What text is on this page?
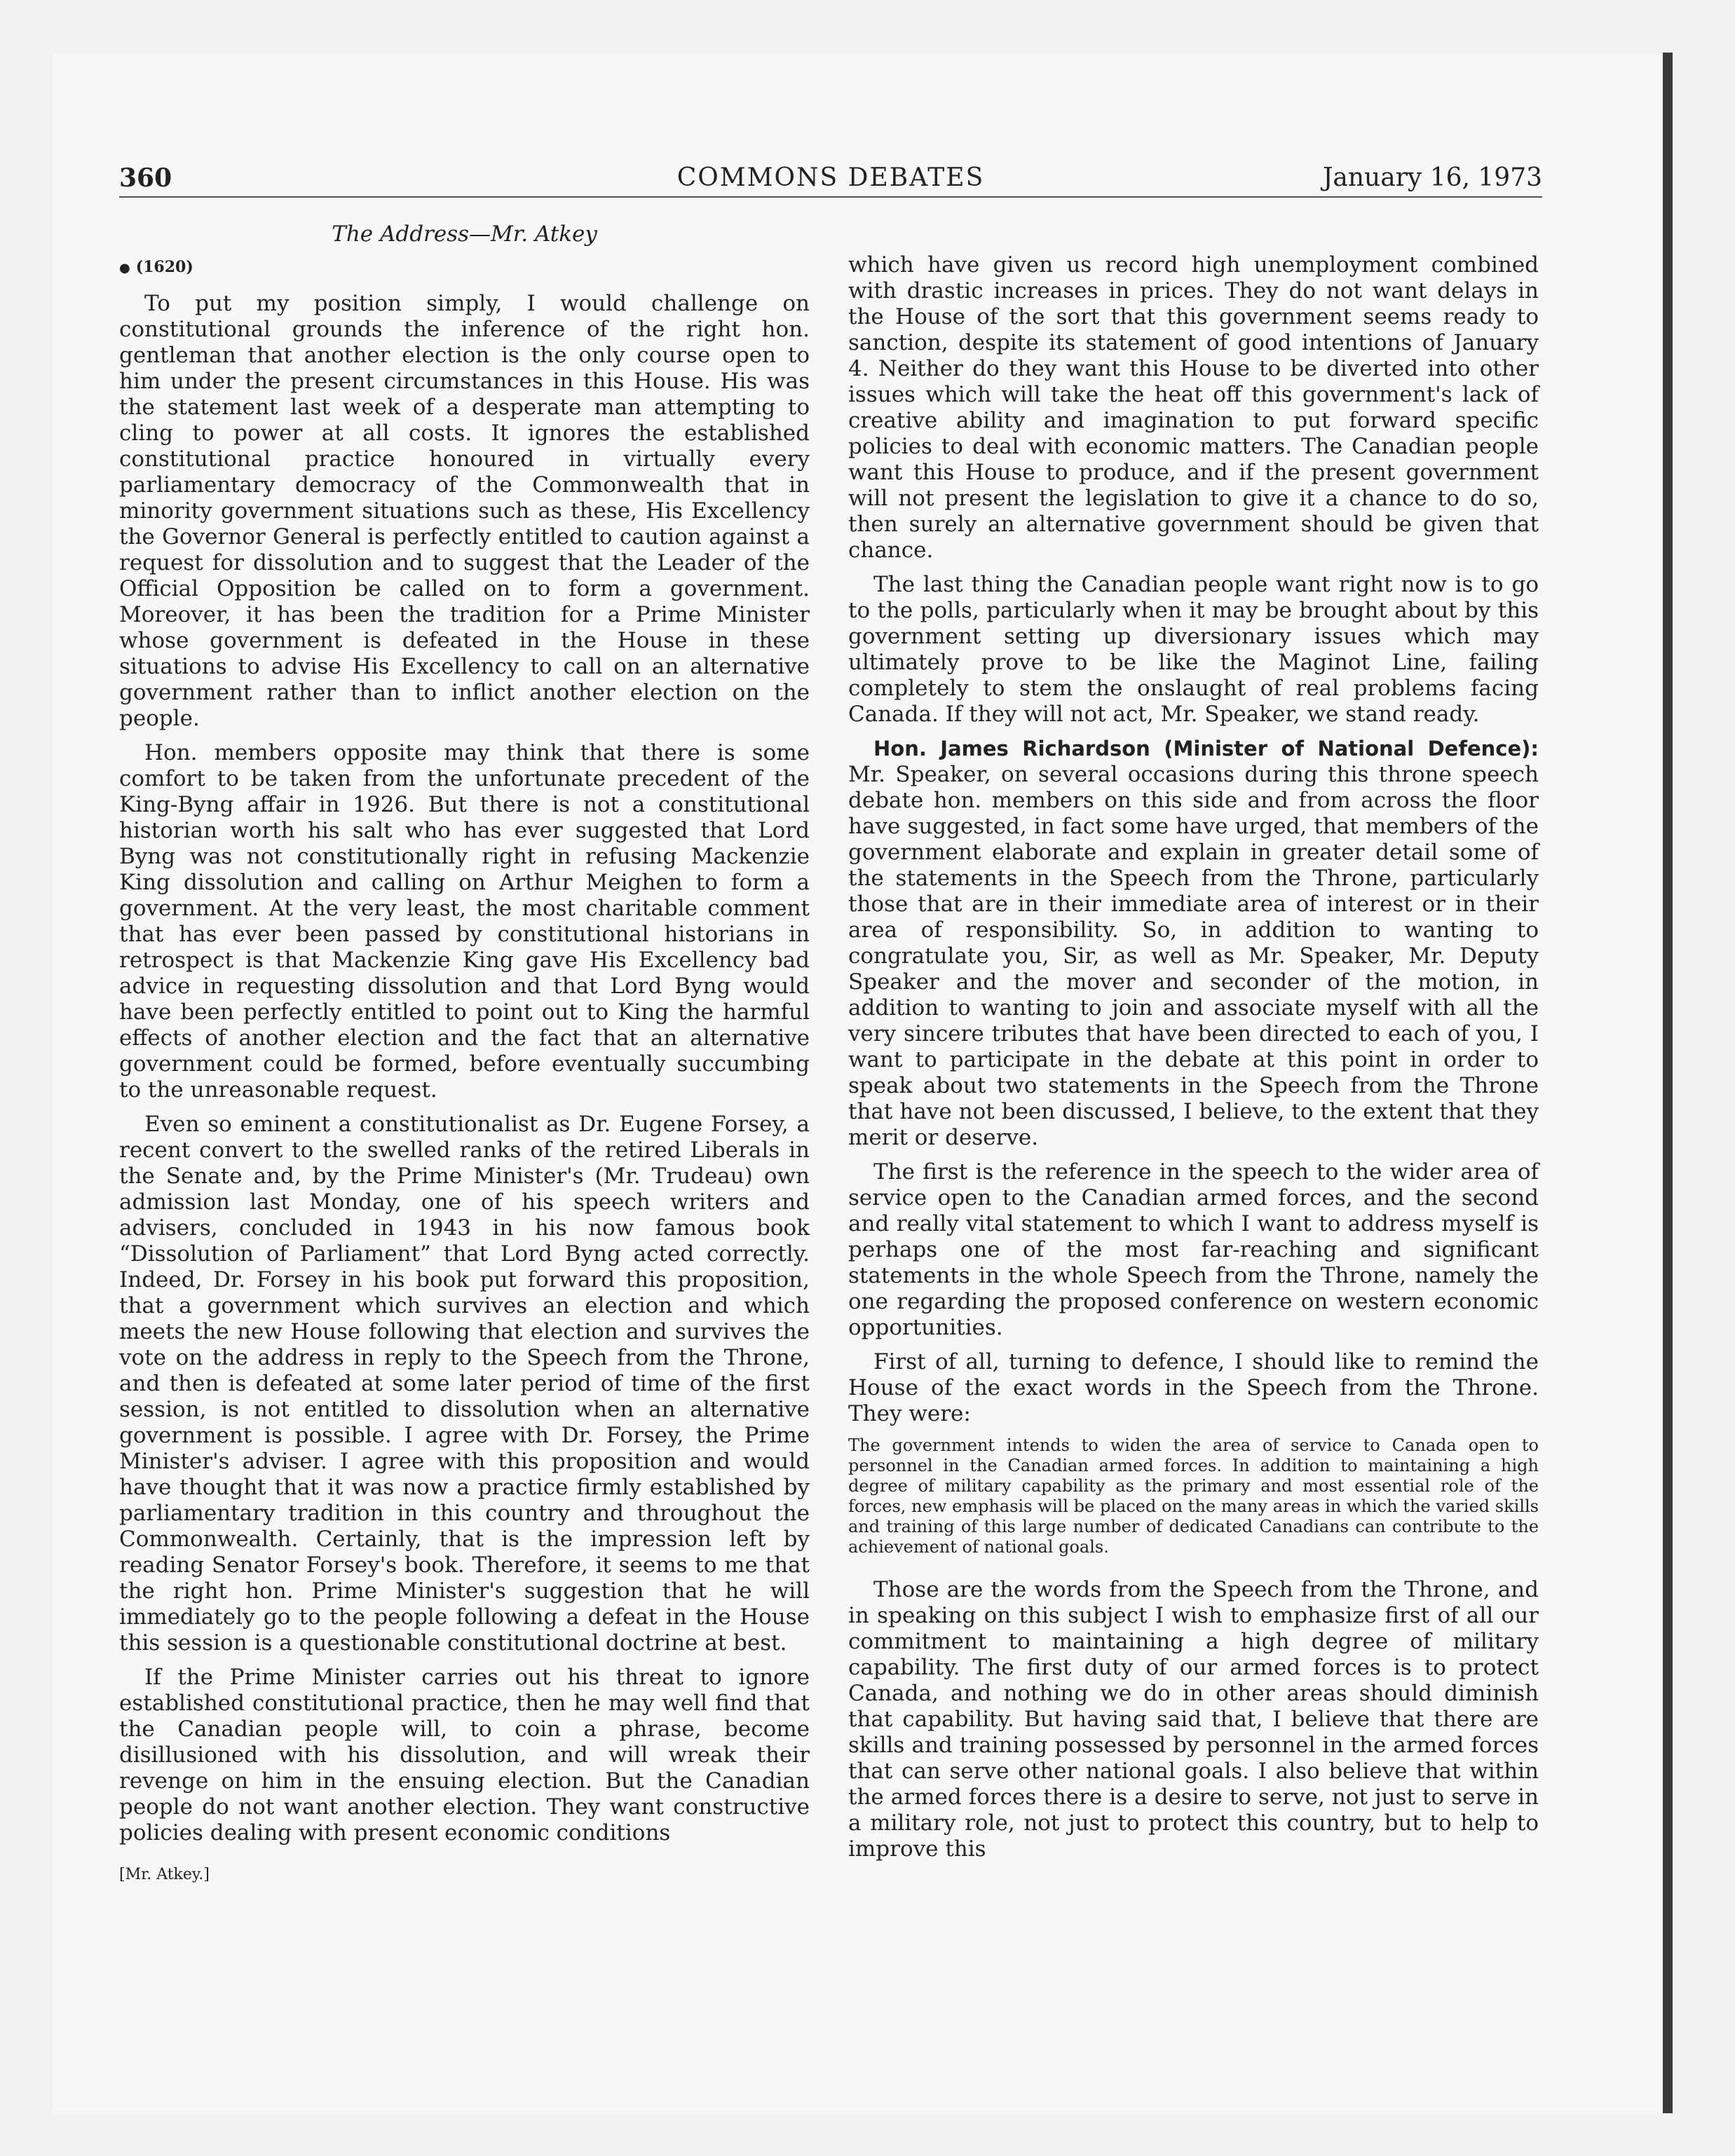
360	COMMONS DEBATES	January 16, 1973
The Address—Mr. Atkey
● (1620)

To put my position simply, I would challenge on constitutional grounds the inference of the right hon. gentleman that another election is the only course open to him under the present circumstances in this House. His was the statement last week of a desperate man attempting to cling to power at all costs. It ignores the established constitutional practice honoured in virtually every parliamentary democracy of the Commonwealth that in minority government situations such as these, His Excellency the Governor General is perfectly entitled to caution against a request for dissolution and to suggest that the Leader of the Official Opposition be called on to form a government. Moreover, it has been the tradition for a Prime Minister whose government is defeated in the House in these situations to advise His Excellency to call on an alternative government rather than to inflict another election on the people.

Hon. members opposite may think that there is some comfort to be taken from the unfortunate precedent of the King-Byng affair in 1926. But there is not a constitutional historian worth his salt who has ever suggested that Lord Byng was not constitutionally right in refusing Mackenzie King dissolution and calling on Arthur Meighen to form a government. At the very least, the most charitable comment that has ever been passed by constitutional historians in retrospect is that Mackenzie King gave His Excellency bad advice in requesting dissolution and that Lord Byng would have been perfectly entitled to point out to King the harmful effects of another election and the fact that an alternative government could be formed, before eventually succumbing to the unreasonable request.

Even so eminent a constitutionalist as Dr. Eugene Forsey, a recent convert to the swelled ranks of the retired Liberals in the Senate and, by the Prime Minister's (Mr. Trudeau) own admission last Monday, one of his speech writers and advisers, concluded in 1943 in his now famous book “Dissolution of Parliament” that Lord Byng acted correctly. Indeed, Dr. Forsey in his book put forward this proposition, that a government which survives an election and which meets the new House following that election and survives the vote on the address in reply to the Speech from the Throne, and then is defeated at some later period of time of the first session, is not entitled to dissolution when an alternative government is possible. I agree with Dr. Forsey, the Prime Minister's adviser. I agree with this proposition and would have thought that it was now a practice firmly established by parliamentary tradition in this country and throughout the Commonwealth. Certainly, that is the impression left by reading Senator Forsey's book. Therefore, it seems to me that the right hon. Prime Minister's suggestion that he will immediately go to the people following a defeat in the House this session is a questionable constitutional doctrine at best.

If the Prime Minister carries out his threat to ignore established constitutional practice, then he may well find that the Canadian people will, to coin a phrase, become disillusioned with his dissolution, and will wreak their revenge on him in the ensuing election. But the Canadian people do not want another election. They want constructive policies dealing with present economic conditions

[Mr. Atkey.]

which have given us record high unemployment combined with drastic increases in prices. They do not want delays in the House of the sort that this government seems ready to sanction, despite its statement of good intentions of January 4. Neither do they want this House to be diverted into other issues which will take the heat off this government's lack of creative ability and imagination to put forward specific policies to deal with economic matters. The Canadian people want this House to produce, and if the present government will not present the legislation to give it a chance to do so, then surely an alternative government should be given that chance.

The last thing the Canadian people want right now is to go to the polls, particularly when it may be brought about by this government setting up diversionary issues which may ultimately prove to be like the Maginot Line, failing completely to stem the onslaught of real problems facing Canada. If they will not act, Mr. Speaker, we stand ready.

Hon. James Richardson (Minister of National Defence): Mr. Speaker, on several occasions during this throne speech debate hon. members on this side and from across the floor have suggested, in fact some have urged, that members of the government elaborate and explain in greater detail some of the statements in the Speech from the Throne, particularly those that are in their immediate area of interest or in their area of responsibility. So, in addition to wanting to congratulate you, Sir, as well as Mr. Speaker, Mr. Deputy Speaker and the mover and seconder of the motion, in addition to wanting to join and associate myself with all the very sincere tributes that have been directed to each of you, I want to participate in the debate at this point in order to speak about two statements in the Speech from the Throne that have not been discussed, I believe, to the extent that they merit or deserve.

The first is the reference in the speech to the wider area of service open to the Canadian armed forces, and the second and really vital statement to which I want to address myself is perhaps one of the most far-reaching and significant statements in the whole Speech from the Throne, namely the one regarding the proposed conference on western economic opportunities.

First of all, turning to defence, I should like to remind the House of the exact words in the Speech from the Throne. They were:

The government intends to widen the area of service to Canada open to personnel in the Canadian armed forces. In addition to maintaining a high degree of military capability as the primary and most essential role of the forces, new emphasis will be placed on the many areas in which the varied skills and training of this large number of dedicated Canadians can contribute to the achievement of national goals.

Those are the words from the Speech from the Throne, and in speaking on this subject I wish to emphasize first of all our commitment to maintaining a high degree of military capability. The first duty of our armed forces is to protect Canada, and nothing we do in other areas should diminish that capability. But having said that, I believe that there are skills and training possessed by personnel in the armed forces that can serve other national goals. I also believe that within the armed forces there is a desire to serve, not just to serve in a military role, not just to protect this country, but to help to improve this
